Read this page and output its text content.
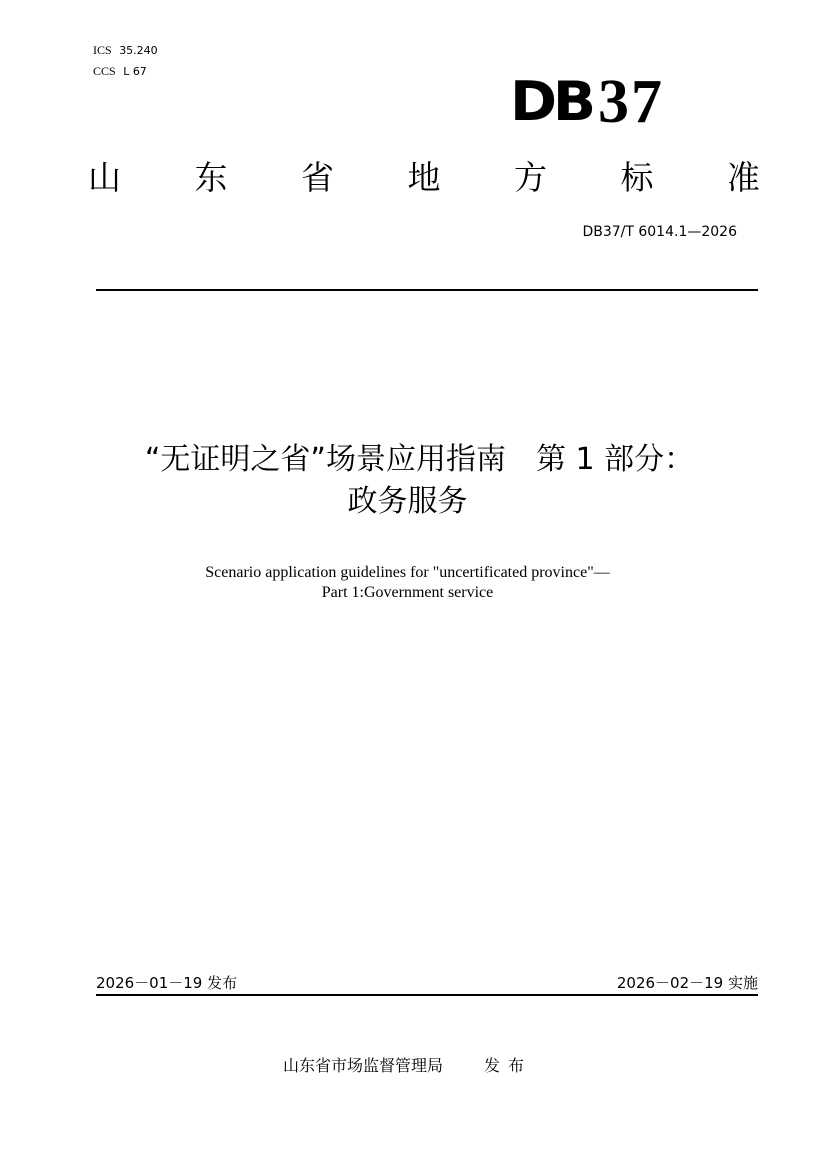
ICS 35.240
CCS L 67	DB 37
山 东 省 地 方 标 准
DB37/T 6014.1—2026
“无证明之省”场景应用指南　第 1 部分：
政务服务
Scenario application guidelines for "uncertificated province"—
Part 1:Government service
2026－01－19 发布	2026－02－19 实施
山东省市场监督管理局	发布
